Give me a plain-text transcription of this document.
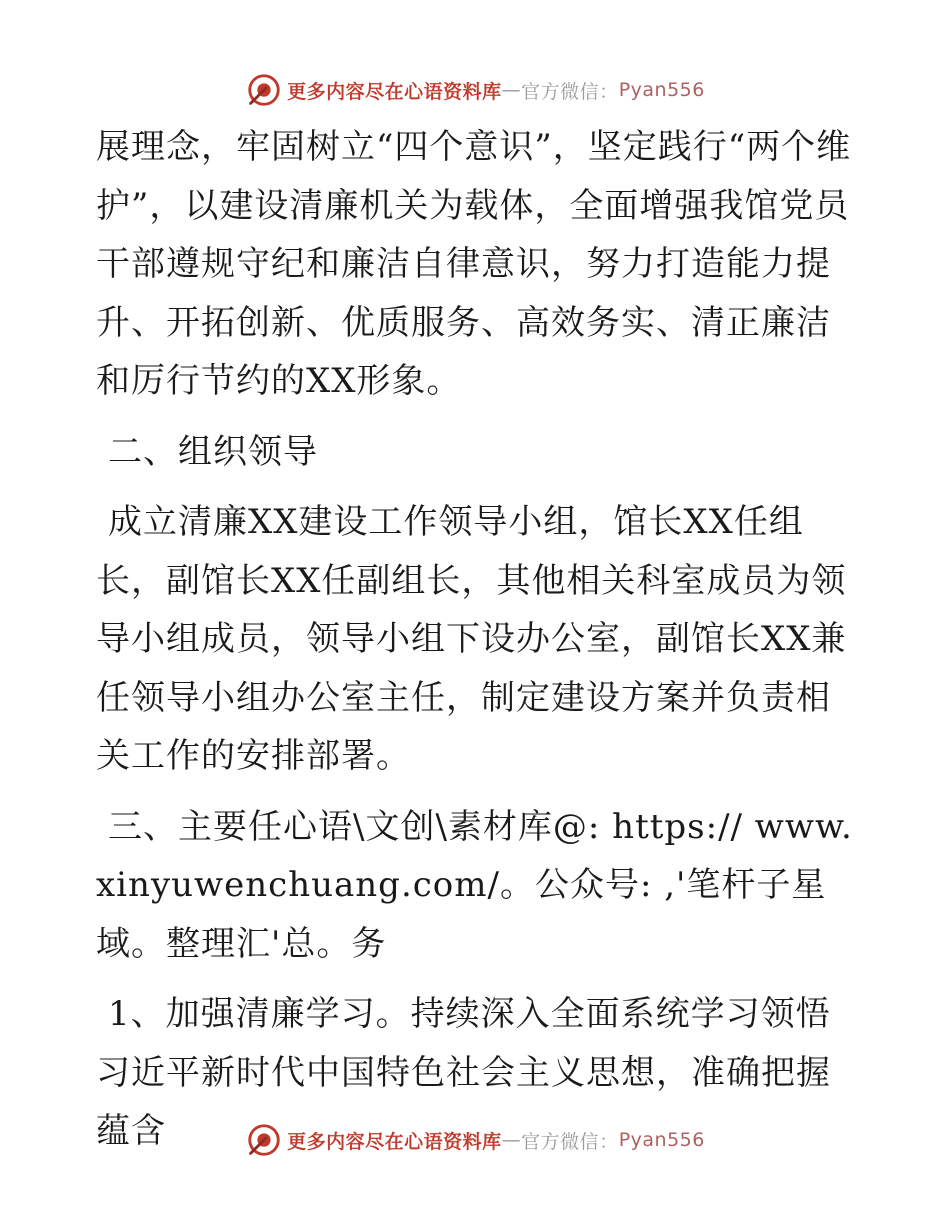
更多内容尽在心语资料库 — 官方微信： Pyan556

展理念，牢固树立“四个意识”，坚定践行“两个维护”，以建设清廉机关为载体，全面增强我馆党员干部遵规守纪和廉洁自律意识，努力打造能力提升、开拓创新、优质服务、高效务实、清正廉洁和厉行节约的XX形象。

二、组织领导

成立清廉XX建设工作领导小组，馆长XX任组长，副馆长XX任副组长，其他相关科室成员为领导小组成员，领导小组下设办公室，副馆长XX兼任领导小组办公室主任，制定建设方案并负责相关工作的安排部署。

三、主要任心语\文创\素材库@: https:// www.xinyuwenchuang.com/。公众号: ,'笔杆子星域。整理汇'总。务

1、加强清廉学习。持续深入全面系统学习领悟习近平新时代中国特色社会主义思想，准确把握蕴含	更多内容尽在心语资料库 — 官方微信： Pyan556
